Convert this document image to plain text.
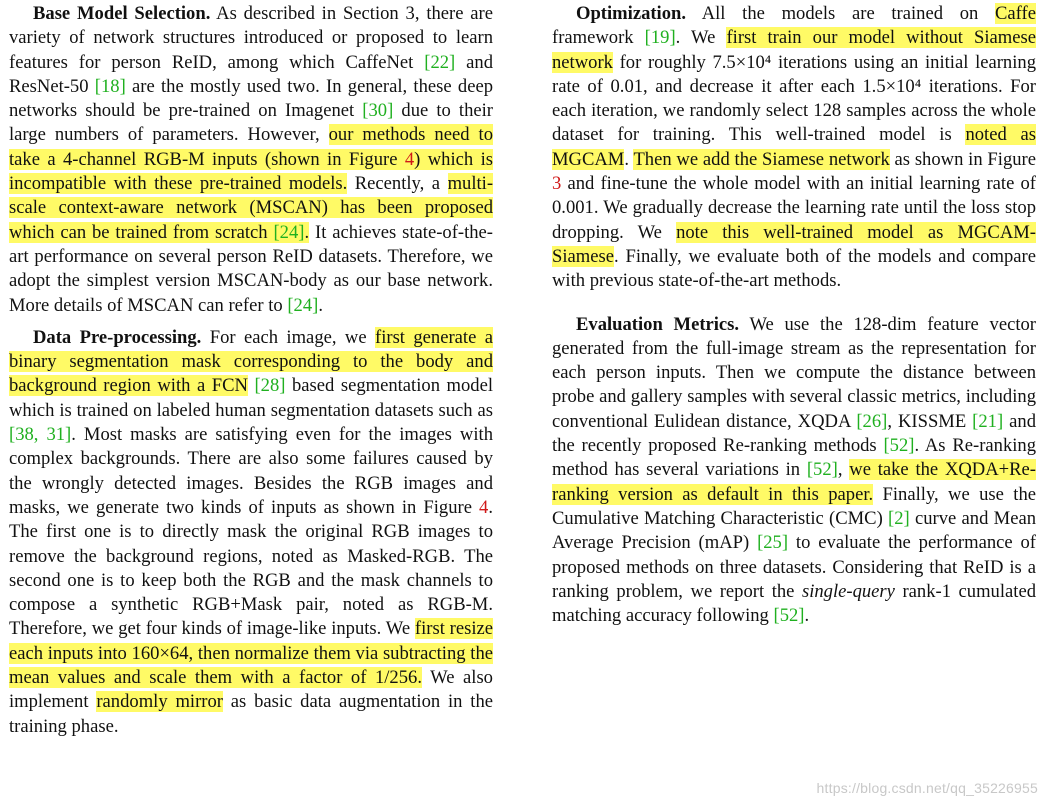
Base Model Selection. As described in Section 3, there are variety of network structures introduced or proposed to learn features for person ReID, among which CaffeNet [22] and ResNet-50 [18] are the mostly used two. In general, these deep networks should be pre-trained on Imagenet [30] due to their large numbers of parameters. However, our methods need to take a 4-channel RGB-M inputs (shown in Figure 4) which is incompatible with these pre-trained models. Recently, a multi-scale context-aware network (MSCAN) has been proposed which can be trained from scratch [24]. It achieves state-of-the-art performance on several person ReID datasets. Therefore, we adopt the simplest version MSCAN-body as our base network. More details of MSCAN can refer to [24].

Data Pre-processing. For each image, we first generate a binary segmentation mask corresponding to the body and background region with a FCN [28] based segmentation model which is trained on labeled human segmentation datasets such as [38, 31]. Most masks are satisfying even for the images with complex backgrounds. There are also some failures caused by the wrongly detected images. Besides the RGB images and masks, we generate two kinds of inputs as shown in Figure 4. The first one is to directly mask the original RGB images to remove the background regions, noted as Masked-RGB. The second one is to keep both the RGB and the mask channels to compose a synthetic RGB+Mask pair, noted as RGB-M. Therefore, we get four kinds of image-like inputs. We first resize each inputs into 160×64, then normalize them via subtracting the mean values and scale them with a factor of 1/256. We also implement randomly mirror as basic data augmentation in the training phase.

Optimization. All the models are trained on Caffe framework [19]. We first train our model without Siamese network for roughly 7.5×10⁴ iterations using an initial learning rate of 0.01, and decrease it after each 1.5×10⁴ iterations. For each iteration, we randomly select 128 samples across the whole dataset for training. This well-trained model is noted as MGCAM. Then we add the Siamese network as shown in Figure 3 and fine-tune the whole model with an initial learning rate of 0.001. We gradually decrease the learning rate until the loss stop dropping. We note this well-trained model as MGCAM-Siamese. Finally, we evaluate both of the models and compare with previous state-of-the-art methods.

Evaluation Metrics. We use the 128-dim feature vector generated from the full-image stream as the representation for each person inputs. Then we compute the distance between probe and gallery samples with several classic metrics, including conventional Eulidean distance, XQDA [26], KISSME [21] and the recently proposed Re-ranking methods [52]. As Re-ranking method has several variations in [52], we take the XQDA+Re-ranking version as default in this paper. Finally, we use the Cumulative Matching Characteristic (CMC) [2] curve and Mean Average Precision (mAP) [25] to evaluate the performance of proposed methods on three datasets. Considering that ReID is a ranking problem, we report the single-query rank-1 cumulated matching accuracy following [52].

https://blog.csdn.net/qq_35226955
